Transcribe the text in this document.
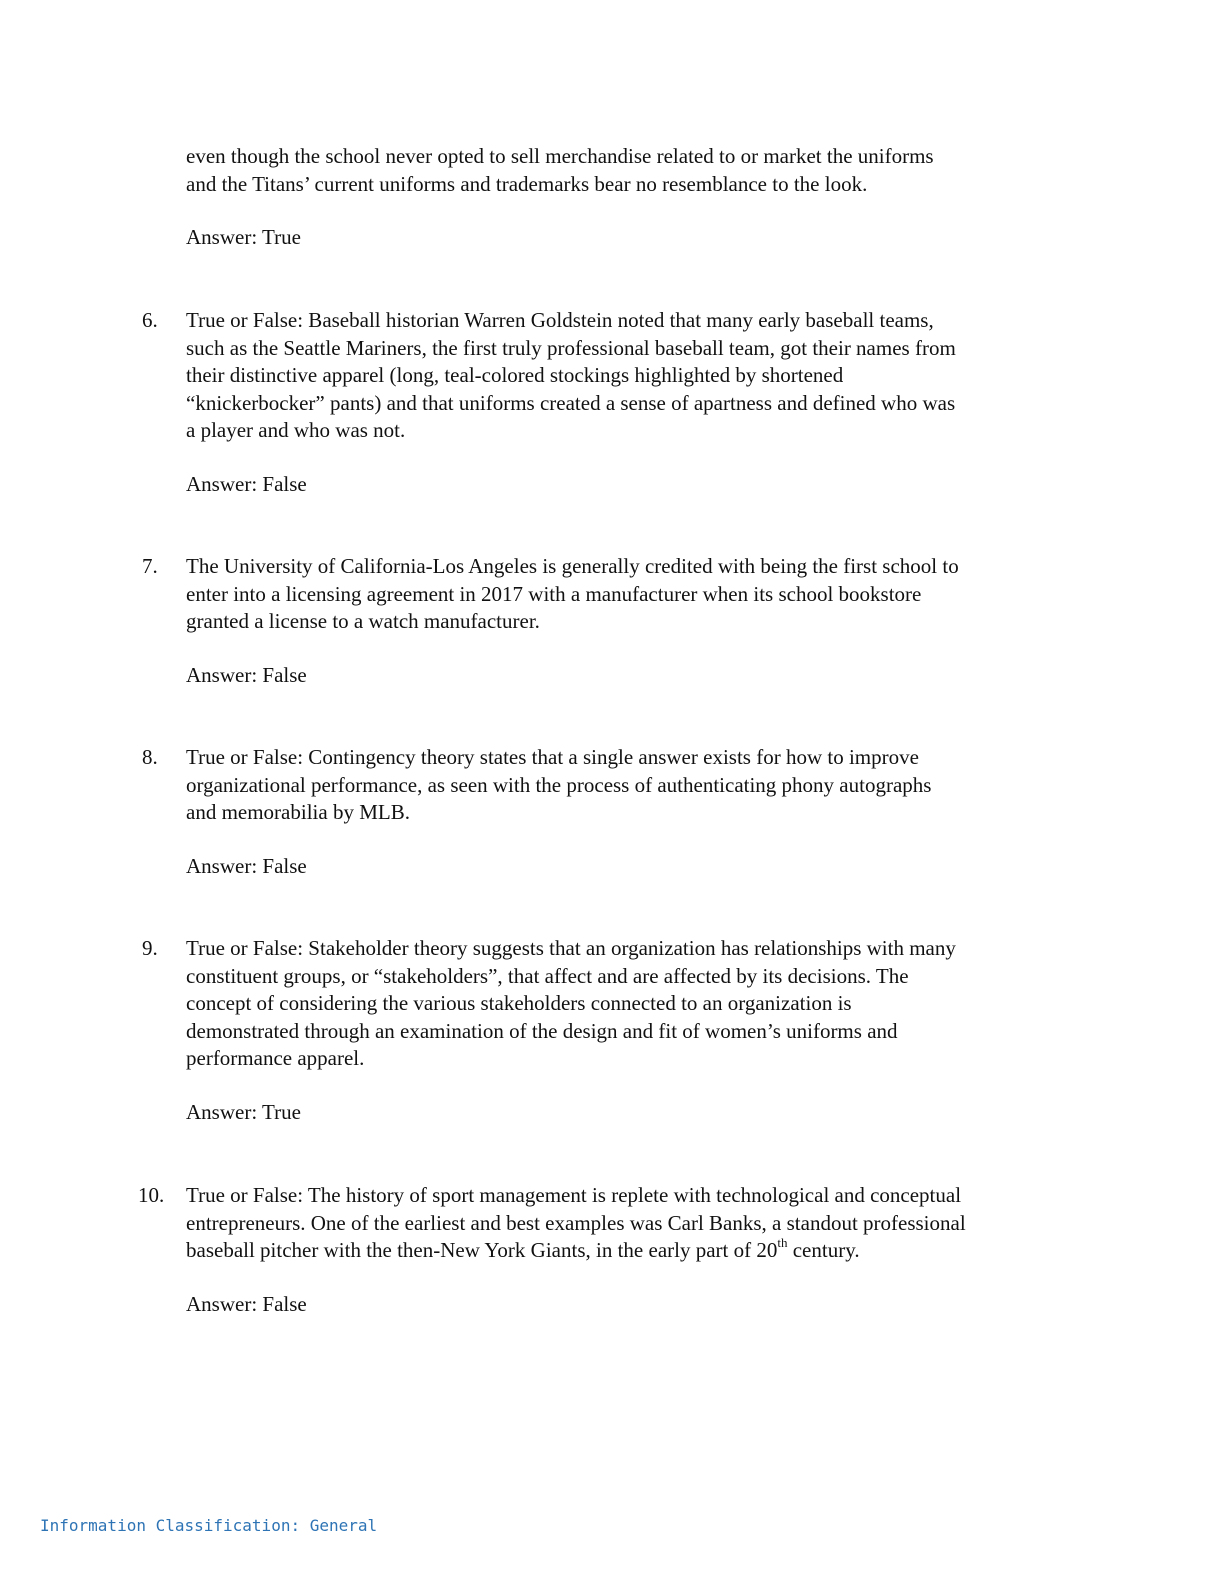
even though the school never opted to sell merchandise related to or market the uniforms
and the Titans’ current uniforms and trademarks bear no resemblance to the look.
Answer: True
6. True or False: Baseball historian Warren Goldstein noted that many early baseball teams,
such as the Seattle Mariners, the first truly professional baseball team, got their names from
their distinctive apparel (long, teal-colored stockings highlighted by shortened
“knickerbocker” pants) and that uniforms created a sense of apartness and defined who was
a player and who was not.
Answer: False
7. The University of California-Los Angeles is generally credited with being the first school to
enter into a licensing agreement in 2017 with a manufacturer when its school bookstore
granted a license to a watch manufacturer.
Answer: False
8. True or False: Contingency theory states that a single answer exists for how to improve
organizational performance, as seen with the process of authenticating phony autographs
and memorabilia by MLB.
Answer: False
9. True or False: Stakeholder theory suggests that an organization has relationships with many
constituent groups, or “stakeholders”, that affect and are affected by its decisions. The
concept of considering the various stakeholders connected to an organization is
demonstrated through an examination of the design and fit of women’s uniforms and
performance apparel.
Answer: True
10. True or False: The history of sport management is replete with technological and conceptual
entrepreneurs. One of the earliest and best examples was Carl Banks, a standout professional
baseball pitcher with the then-New York Giants, in the early part of 20th century.
Answer: False
Information Classification: General
